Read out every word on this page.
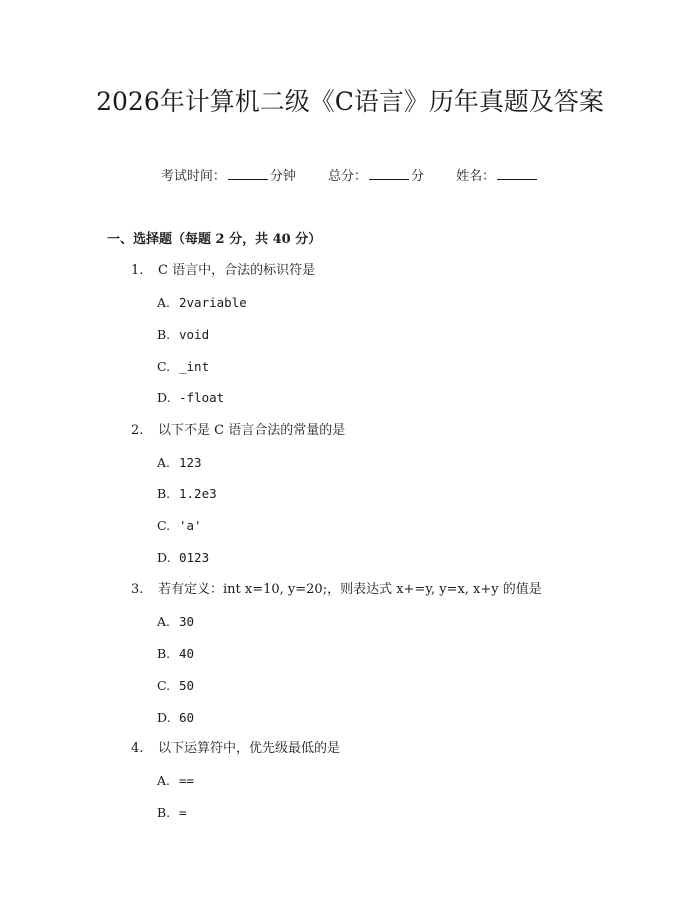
2026年计算机二级《C语言》历年真题及答案
考试时间：	分钟 总分：	分 姓名：
一、选择题（每题 2 分，共 40 分）
1. C 语言中，合法的标识符是
A. 2variable
B. void
C. _int
D. -float
2. 以下不是 C 语言合法的常量的是
A. 123
B. 1.2e3
C. 'a'
D. 0123
3. 若有定义：int x=10, y=20;，则表达式 x+=y, y=x, x+y 的值是
A. 30
B. 40
C. 50
D. 60
4. 以下运算符中，优先级最低的是
A. ==
B. =
